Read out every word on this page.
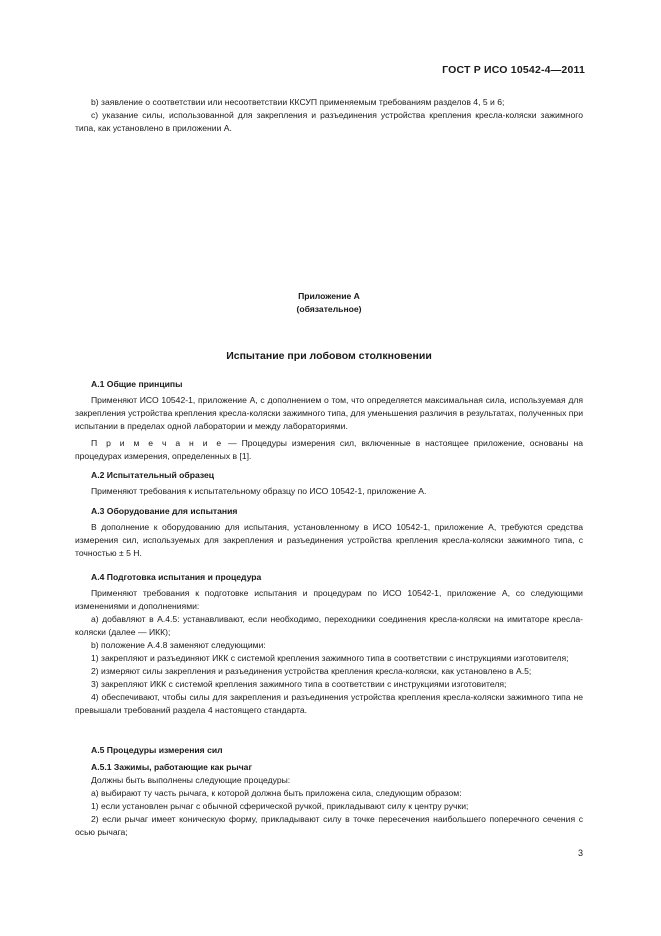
ГОСТ Р ИСО 10542-4—2011

b) заявление о соответствии или несоответствии ККСУП применяемым требованиям разделов 4, 5 и 6;

c) указание силы, использованной для закрепления и разъединения устройства крепления кресла-коляски зажимного типа, как установлено в приложении А.

Приложение А

(обязательное)

Испытание при лобовом столкновении

А.1 Общие принципы

Применяют ИСО 10542-1, приложение А, с дополнением о том, что определяется максимальная сила, используемая для закрепления устройства крепления кресла-коляски зажимного типа, для уменьшения различия в результатах, полученных при испытании в пределах одной лаборатории и между лабораториями.

П р и м е ч а н и е — Процедуры измерения сил, включенные в настоящее приложение, основаны на процедурах измерения, определенных в [1].

А.2 Испытательный образец

Применяют требования к испытательному образцу по ИСО 10542-1, приложение А.

А.3 Оборудование для испытания

В дополнение к оборудованию для испытания, установленному в ИСО 10542-1, приложение А, требуются средства измерения сил, используемых для закрепления и разъединения устройства крепления кресла-коляски зажимного типа, с точностью ± 5 Н.

А.4 Подготовка испытания и процедура

Применяют требования к подготовке испытания и процедурам по ИСО 10542-1, приложение А, со следующими изменениями и дополнениями:

а) добавляют в А.4.5: устанавливают, если необходимо, переходники соединения кресла-коляски на имитаторе кресла-коляски (далее — ИКК);

b) положение А.4.8 заменяют следующими:

1) закрепляют и разъединяют ИКК с системой крепления зажимного типа в соответствии с инструкциями изготовителя;

2) измеряют силы закрепления и разъединения устройства крепления кресла-коляски, как установлено в А.5;

3) закрепляют ИКК с системой крепления зажимного типа в соответствии с инструкциями изготовителя;

4) обеспечивают, чтобы силы для закрепления и разъединения устройства крепления кресла-коляски зажимного типа не превышали требований раздела 4 настоящего стандарта.

А.5 Процедуры измерения сил

А.5.1 Зажимы, работающие как рычаг

Должны быть выполнены следующие процедуры:

а) выбирают ту часть рычага, к которой должна быть приложена сила, следующим образом:

1) если установлен рычаг с обычной сферической ручкой, прикладывают силу к центру ручки;

2) если рычаг имеет коническую форму, прикладывают силу в точке пересечения наибольшего поперечного сечения с осью рычага;

3
